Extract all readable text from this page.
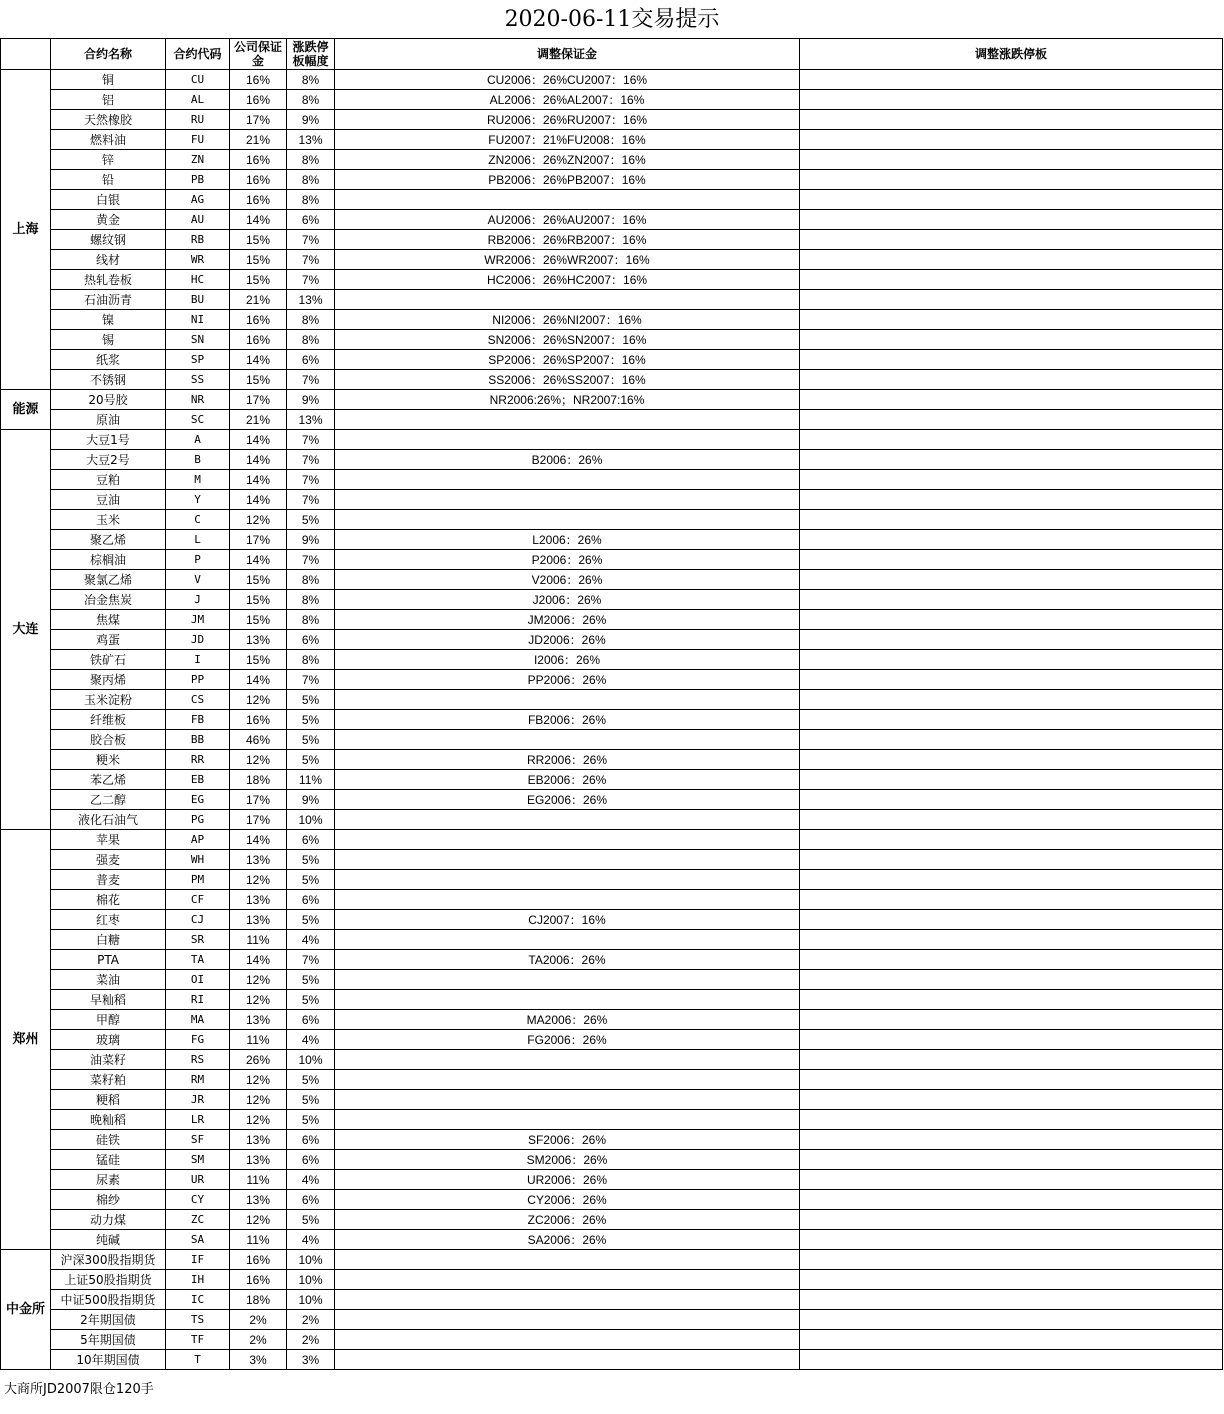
2020-06-11交易提示
	合约名称	合约代码	公司保证金	涨跌停板幅度	调整保证金	调整涨跌停板
上海	铜	CU	16%	8%	CU2006：26%CU2007：16%	
	铝	AL	16%	8%	AL2006：26%AL2007：16%	
	天然橡胶	RU	17%	9%	RU2006：26%RU2007：16%	
	燃料油	FU	21%	13%	FU2007：21%FU2008：16%	
	锌	ZN	16%	8%	ZN2006：26%ZN2007：16%	
	铅	PB	16%	8%	PB2006：26%PB2007：16%	
	白银	AG	16%	8%		
	黄金	AU	14%	6%	AU2006：26%AU2007：16%	
	螺纹钢	RB	15%	7%	RB2006：26%RB2007：16%	
	线材	WR	15%	7%	WR2006：26%WR2007：16%	
	热轧卷板	HC	15%	7%	HC2006：26%HC2007：16%	
	石油沥青	BU	21%	13%		
	镍	NI	16%	8%	NI2006：26%NI2007：16%	
	锡	SN	16%	8%	SN2006：26%SN2007：16%	
	纸浆	SP	14%	6%	SP2006：26%SP2007：16%	
	不锈钢	SS	15%	7%	SS2006：26%SS2007：16%	
能源	20号胶	NR	17%	9%	NR2006:26%；NR2007:16%	
	原油	SC	21%	13%		
大连	大豆1号	A	14%	7%		
	大豆2号	B	14%	7%	B2006：26%	
	豆粕	M	14%	7%		
	豆油	Y	14%	7%		
	玉米	C	12%	5%		
	聚乙烯	L	17%	9%	L2006：26%	
	棕榈油	P	14%	7%	P2006：26%	
	聚氯乙烯	V	15%	8%	V2006：26%	
	冶金焦炭	J	15%	8%	J2006：26%	
	焦煤	JM	15%	8%	JM2006：26%	
	鸡蛋	JD	13%	6%	JD2006：26%	
	铁矿石	I	15%	8%	I2006：26%	
	聚丙烯	PP	14%	7%	PP2006：26%	
	玉米淀粉	CS	12%	5%		
	纤维板	FB	16%	5%	FB2006：26%	
	胶合板	BB	46%	5%		
	粳米	RR	12%	5%	RR2006：26%	
	苯乙烯	EB	18%	11%	EB2006：26%	
	乙二醇	EG	17%	9%	EG2006：26%	
	液化石油气	PG	17%	10%		
郑州	苹果	AP	14%	6%		
	强麦	WH	13%	5%		
	普麦	PM	12%	5%		
	棉花	CF	13%	6%		
	红枣	CJ	13%	5%	CJ2007：16%	
	白糖	SR	11%	4%		
	PTA	TA	14%	7%	TA2006：26%	
	菜油	OI	12%	5%		
	早籼稻	RI	12%	5%		
	甲醇	MA	13%	6%	MA2006：26%	
	玻璃	FG	11%	4%	FG2006：26%	
	油菜籽	RS	26%	10%		
	菜籽粕	RM	12%	5%		
	粳稻	JR	12%	5%		
	晚籼稻	LR	12%	5%		
	硅铁	SF	13%	6%	SF2006：26%	
	锰硅	SM	13%	6%	SM2006：26%	
	尿素	UR	11%	4%	UR2006：26%	
	棉纱	CY	13%	6%	CY2006：26%	
	动力煤	ZC	12%	5%	ZC2006：26%	
	纯碱	SA	11%	4%	SA2006：26%	
中金所	沪深300股指期货	IF	16%	10%		
	上证50股指期货	IH	16%	10%		
	中证500股指期货	IC	18%	10%		
	2年期国债	TS	2%	2%		
	5年期国债	TF	2%	2%		
	10年期国债	T	3%	3%		
大商所JD2007限仓120手
